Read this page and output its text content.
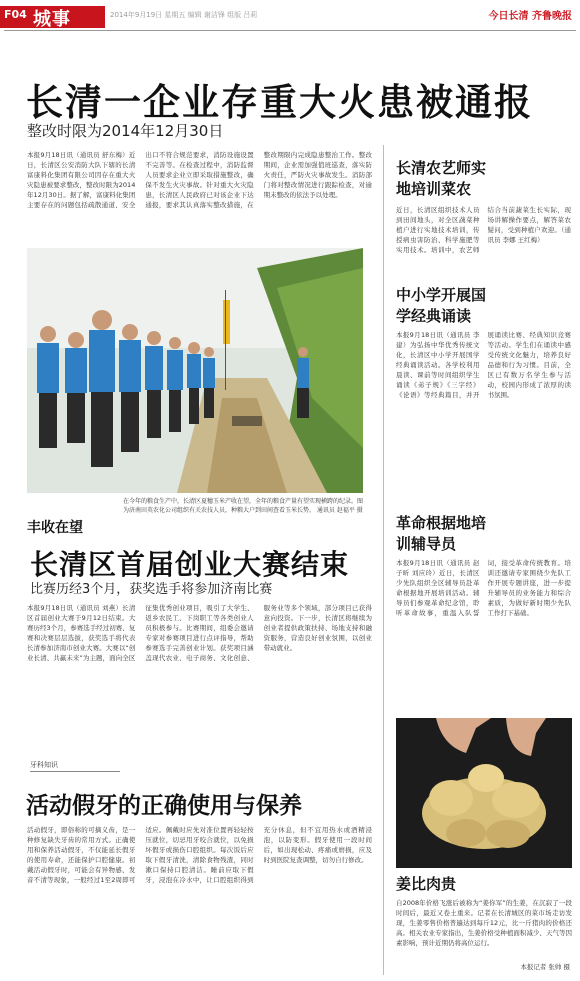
F04 城事	2014年9月19日 星期五 编辑 谢洁锋 组版 吕莉	今日长清 齐鲁晚报
长清一企业存重大火患被通报
整改时限为2014年12月30日
本报9月18日讯（通讯员 舒东梅）近日，长清区公安消防大队下辖的长清富康料化集团有限公司因存在重大火灾隐患被要求整改，整改时限为2014年12月30日。据了解，富康料化集团主要存在的问题包括疏散通道、安全出口不符合规范要求，消防设施设置不完善等。在检查过程中，消防监督人员要求企业立即采取措施整改，确保不发生火灾事故。针对重大火灾隐患，长清区人民政府已对该企业下达通报，要求其认真落实整改措施，在整改期限内完成隐患整治工作。整改期间，企业需加强值班巡查，落实防火责任，严防火灾事故发生。消防部门将对整改情况进行跟踪检查，对逾期未整改的依法予以处理。
在今年的粮食生产中，长清区夏穗玉米产收在望，全年的粮食产量有望实现横跨的纪录。图为济南田英农化公司组织有关农技人员，种粮大户到田间查看玉米长势。 通讯员 赵福平 摄
丰收在望
长清区首届创业大赛结束
比赛历经3个月，获奖选手将参加济南比赛
本报9月18日讯（通讯员 刘燕）长清区首届创业大赛于9月12日结束。大赛历经3个月，参赛选手经过初赛、复赛和决赛层层选拔，获奖选手将代表长清参加济南市创业大赛。大赛以“创业长清、共赢未来”为主题，面向全区征集优秀创业项目，吸引了大学生、返乡农民工、下岗职工等各类创业人员积极参与。比赛期间，组委会邀请专家对参赛项目进行点评指导，帮助参赛选手完善创业计划。获奖项目涵盖现代农业、电子商务、文化创意、服务业等多个领域，部分项目已获得意向投资。下一步，长清区将继续为创业者提供政策扶持、场地支持和融资服务，营造良好创业氛围，以创业带动就业。
牙科知识
活动假牙的正确使用与保养
活动假牙，即俗称的可摘义齿，是一种修复缺失牙齿的常用方式。正确使用和保养活动假牙，不仅能延长假牙的使用寿命，还能保护口腔健康。初戴活动假牙时，可能会有异物感、发音不清等现象，一般经过1至2周即可适应。佩戴时应先对准位置再轻轻按压就位，切忌用牙咬合就位，以免损坏假牙或损伤口腔组织。每次饭后应取下假牙清洗，清除食物残渣，同时漱口保持口腔清洁。睡前应取下假牙，浸泡在冷水中，让口腔组织得到充分休息，但不宜用热水或酒精浸泡，以防变形。假牙使用一段时间后，如出现松动、疼痛或磨损，应及时到医院复查调整，切勿自行修改。
长清农艺师实地培训菜农
近日，长清区组织技术人员到田间地头，对全区蔬菜种植户进行实地技术培训，传授病虫害防治、科学施肥等实用技术。培训中，农艺师结合当前蔬菜生长实际，现场讲解操作要点，解答菜农疑问，受到种植户欢迎。（通讯员 李娜 王红梅）
中小学开展国学经典诵读
本报9月18日讯（通讯员 李建）为弘扬中华优秀传统文化，长清区中小学开展国学经典诵读活动。各学校利用晨读、课前等时间组织学生诵读《弟子规》《三字经》《论语》等经典篇目，并开展诵读比赛、经典知识竞赛等活动。学生们在诵读中感受传统文化魅力，培养良好品德和行为习惯。目前，全区已有数万名学生参与活动，校园内形成了浓厚的读书氛围。
革命根据地培训辅导员
本报9月18日讯（通讯员 赵子昕 刘应玲）近日，长清区少先队组织全区辅导员赴革命根据地开展培训活动。辅导员们参观革命纪念馆，聆听革命故事，重温入队誓词，接受革命传统教育。培训还邀请专家围绕少先队工作开展专题讲座，进一步提升辅导员的业务能力和综合素质，为做好新时期少先队工作打下基础。
姜比肉贵
自2008年价格飞涨后被称为“姜你军”的生姜，在沉寂了一段时间后，最近又卷土重来。记者在长清城区的菜市场走访发现，生姜零售价格普遍达到每斤12元，比一斤猪肉的价格还高。相关农业专家指出，生姜价格受种植面积减少、天气等因素影响，预计近期仍将高位运行。
本报记者 张帅 摄
